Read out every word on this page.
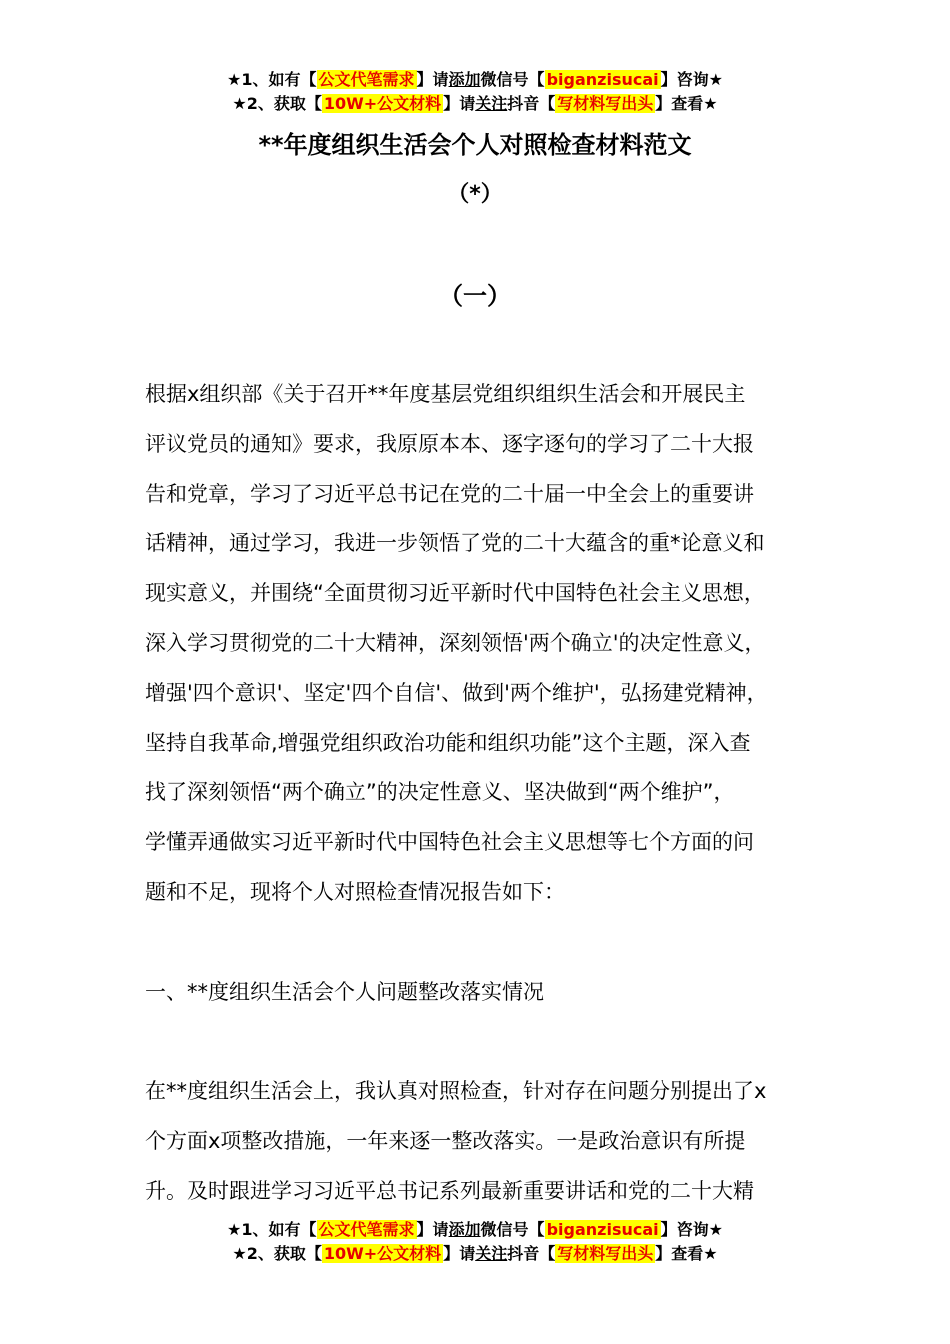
★1、如有【 公文代笔需求 】请添加微信号【 biganzisucai 】咨询★
★2、获取【 10W+公文材料 】请关注抖音【 写材料写出头 】查看★
**年度组织生活会个人对照检查材料范文
（*）
（一）
根据x组织部《关于召开**年度基层党组织组织生活会和开展民主
评议党员的通知》要求，我原原本本、逐字逐句的学习了二十大报
告和党章，学习了习近平总书记在党的二十届一中全会上的重要讲
话精神，通过学习，我进一步领悟了党的二十大蕴含的重*论意义和
现实意义，并围绕“全面贯彻习近平新时代中国特色社会主义思想，
深入学习贯彻党的二十大精神，深刻领悟'两个确立'的决定性意义，
增强'四个意识'、坚定'四个自信'、做到'两个维护'，弘扬建党精神，
坚持自我革命,增强党组织政治功能和组织功能”这个主题，深入查
找了深刻领悟“两个确立”的决定性意义、坚决做到“两个维护”，
学懂弄通做实习近平新时代中国特色社会主义思想等七个方面的问
题和不足，现将个人对照检查情况报告如下：
一、**度组织生活会个人问题整改落实情况
在**度组织生活会上，我认真对照检查，针对存在问题分别提出了x
个方面x项整改措施，一年来逐一整改落实。一是政治意识有所提
升。及时跟进学习习近平总书记系列最新重要讲话和党的二十大精
★1、如有【 公文代笔需求 】请添加微信号【 biganzisucai 】咨询★
★2、获取【 10W+公文材料 】请关注抖音【 写材料写出头 】查看★
